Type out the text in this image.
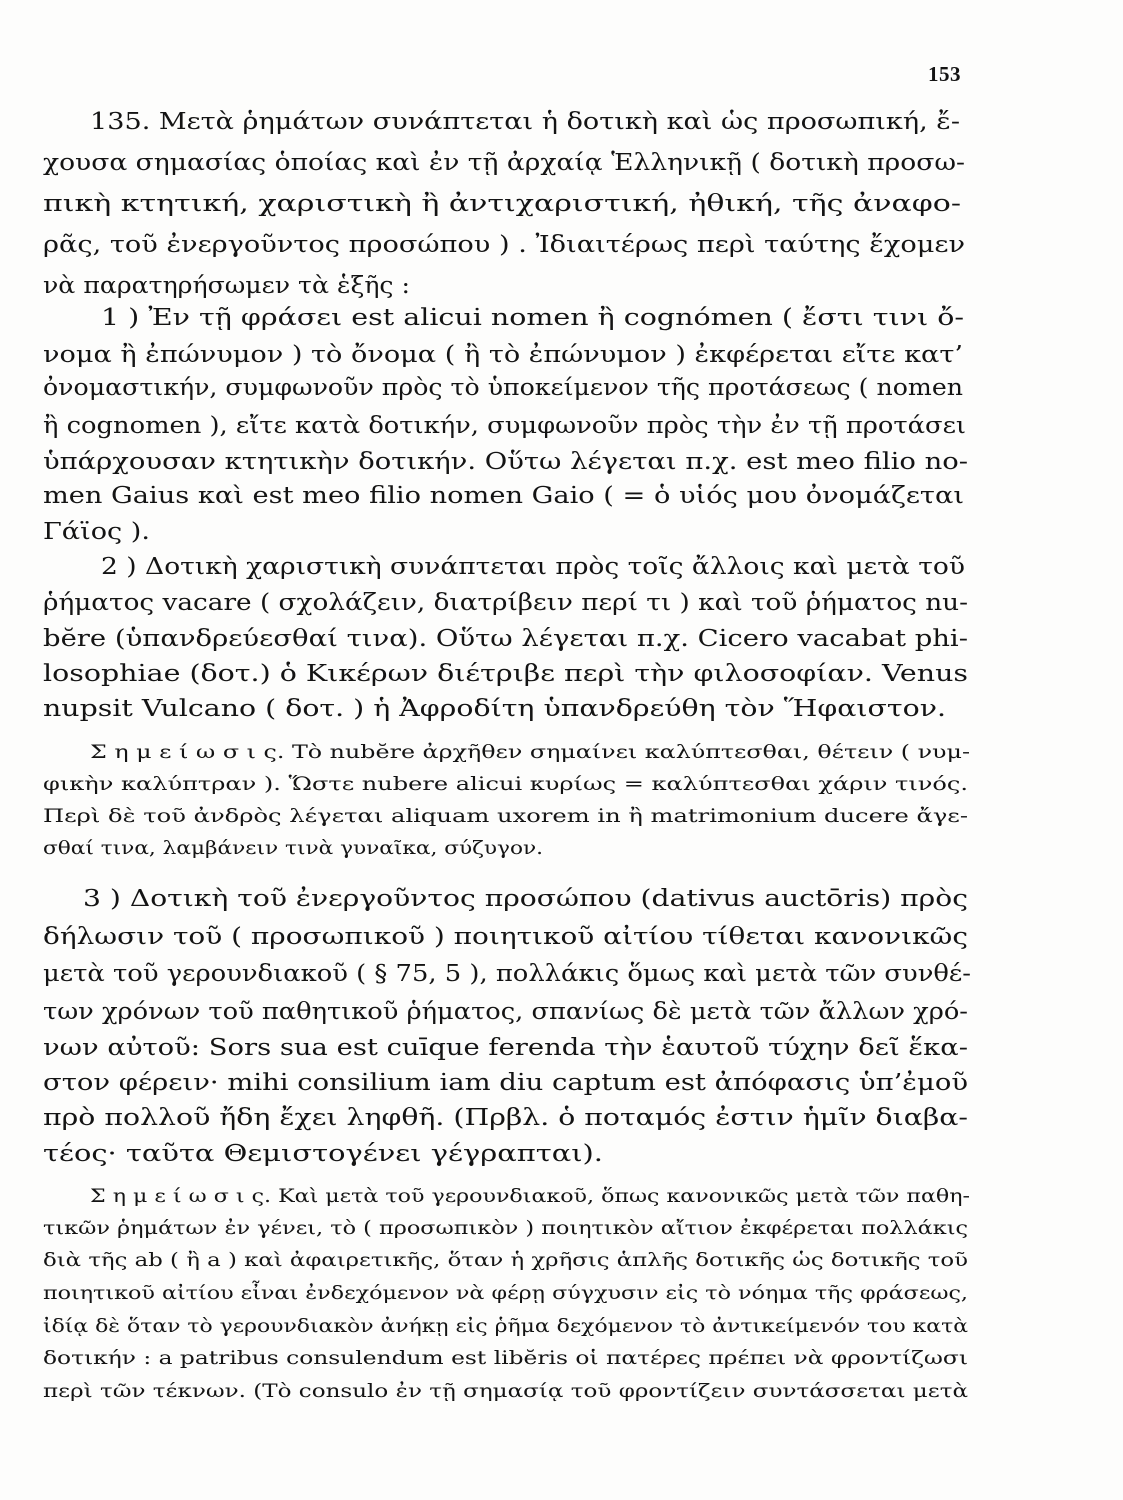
153
135. Μετὰ ῥημάτων συνάπτεται ἡ δοτικὴ καὶ ὡς προσωπική, ἔ-
χουσα σημασίας ὁποίας καὶ ἐν τῇ ἀρχαίᾳ Ἑλληνικῇ ( δοτικὴ προσω-
πικὴ κτητική, χαριστικὴ ἢ ἀντιχαριστική, ἠθική, τῆς ἀναφο-
ρᾶς, τοῦ ἐνεργοῦντος προσώπου ) . Ἰδιαιτέρως περὶ ταύτης ἔχομεν
νὰ παρατηρήσωμεν τὰ ἑξῆς :
1 ) Ἐν τῇ φράσει est alicui nomen ἢ cognómen ( ἔστι τινι ὄ-
νομα ἢ ἐπώνυμον ) τὸ ὄνομα ( ἢ τὸ ἐπώνυμον ) ἐκφέρεται εἴτε κατ’
ὀνομαστικήν, συμφωνοῦν πρὸς τὸ ὑποκείμενον τῆς προτάσεως ( nomen
ἢ cognomen ), εἴτε κατὰ δοτικήν, συμφωνοῦν πρὸς τὴν ἐν τῇ προτάσει
ὑπάρχουσαν κτητικὴν δοτικήν. Οὕτω λέγεται π.χ. est meo filio no-
men Gaius καὶ est meo filio nomen Gaio ( = ὁ υἱός μου ὀνομάζεται
Γάϊος ).
2 ) Δοτικὴ χαριστικὴ συνάπτεται πρὸς τοῖς ἄλλοις καὶ μετὰ τοῦ
ῥήματος vacare ( σχολάζειν, διατρίβειν περί τι ) καὶ τοῦ ῥήματος nu-
bĕre (ὑπανδρεύεσθαί τινα). Οὕτω λέγεται π.χ. Cicero vacabat phi-
losophiae (δοτ.) ὁ Κικέρων διέτριβε περὶ τὴν φιλοσοφίαν. Venus
nupsit Vulcano ( δοτ. ) ἡ Ἀφροδίτη ὑπανδρεύθη τὸν Ἥφαιστον.
Σ η μ ε ί ω σ ι ς. Τὸ nubĕre ἀρχῆθεν σημαίνει καλύπτεσθαι, θέτειν ( νυμ-
φικὴν καλύπτραν ). Ὥστε nubere alicui κυρίως = καλύπτεσθαι χάριν τινός.
Περὶ δὲ τοῦ ἀνδρὸς λέγεται aliquam uxorem in ἢ matrimonium ducere ἄγε-
σθαί τινα, λαμβάνειν τινὰ γυναῖκα, σύζυγον.
3 ) Δοτικὴ τοῦ ἐνεργοῦντος προσώπου (dativus auctōris) πρὸς
δήλωσιν τοῦ ( προσωπικοῦ ) ποιητικοῦ αἰτίου τίθεται κανονικῶς
μετὰ τοῦ γερουνδιακοῦ ( § 75, 5 ), πολλάκις ὅμως καὶ μετὰ τῶν συνθέ-
των χρόνων τοῦ παθητικοῦ ῥήματος, σπανίως δὲ μετὰ τῶν ἄλλων χρό-
νων αὐτοῦ: Sors sua est cuīque ferenda τὴν ἑαυτοῦ τύχην δεῖ ἕκα-
στον φέρειν· mihi consilium iam diu captum est ἀπόφασις ὑπ’ἐμοῦ
πρὸ πολλοῦ ἤδη ἔχει ληφθῆ. (Πρβλ. ὁ ποταμός ἐστιν ἡμῖν διαβα-
τέος· ταῦτα Θεμιστογένει γέγραπται).
Σ η μ ε ί ω σ ι ς. Καὶ μετὰ τοῦ γερουνδιακοῦ, ὅπως κανονικῶς μετὰ τῶν παθη-
τικῶν ῥημάτων ἐν γένει, τὸ ( προσωπικὸν ) ποιητικὸν αἴτιον ἐκφέρεται πολλάκις
διὰ τῆς ab ( ἢ a ) καὶ ἀφαιρετικῆς, ὅταν ἡ χρῆσις ἁπλῆς δοτικῆς ὡς δοτικῆς τοῦ
ποιητικοῦ αἰτίου εἶναι ἐνδεχόμενον νὰ φέρῃ σύγχυσιν εἰς τὸ νόημα τῆς φράσεως,
ἰδίᾳ δὲ ὅταν τὸ γερουνδιακὸν ἀνήκῃ εἰς ῥῆμα δεχόμενον τὸ ἀντικείμενόν του κατὰ
δοτικήν : a patribus consulendum est libĕris οἱ πατέρες πρέπει νὰ φροντίζωσι
περὶ τῶν τέκνων. (Τὸ consulo ἐν τῇ σημασίᾳ τοῦ φροντίζειν συντάσσεται μετὰ
